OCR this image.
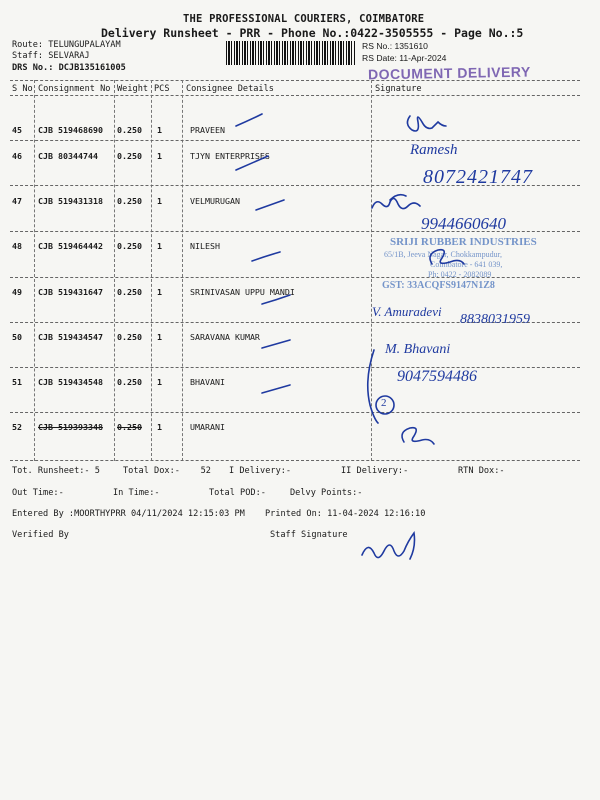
THE PROFESSIONAL COURIERS, COIMBATORE
Delivery Runsheet - PRR - Phone No.:0422-3505555 - Page No.:5
Route: TELUNGUPALAYAM
Staff: SELVARAJ
DRS No.: DCJB135161005
RS No.: 1351610
RS Date: 11-Apr-2024
DOCUMENT DELIVERY
S No Consignment No Weight PCS Consignee Details	Signature
45 CJB 519468690 0.250 1	PRAVEEN
46 CJB 80344744 0.250 1	TJYN ENTERPRISES
47 CJB 519431318 0.250 1	VELMURUGAN
48 CJB 519464442 0.250 1	NILESH
49 CJB 519431647 0.250 1	SRINIVASAN UPPU MANDI
50 CJB 519434547 0.250 1	SARAVANA KUMAR
51 CJB 519434548 0.250 1	BHAVANI
52 CJB 519393348 0.250 1	UMARANI
SRIJI RUBBER INDUSTRIES
65/1B, Jeeva Nagar, Chokkampudur,
Coimbatore - 641 039,
Ph: 0422 - 2082089
GST: 33ACQFS9147N1Z8
Ramesh
8072421747
9944660640
V. Amuradevi
8838031959
M. Bhavani
9047594486
2
Tot. Runsheet:- 5	Total Dox:-    52 I Delivery:-	II Delivery:-	RTN Dox:-
Out Time:-	In Time:-	Total POD:-	Delvy Points:-
Entered By :MOORTHYPRR 04/11/2024 12:15:03 PM Printed On: 11-04-2024 12:16:10
Verified By	Staff Signature
